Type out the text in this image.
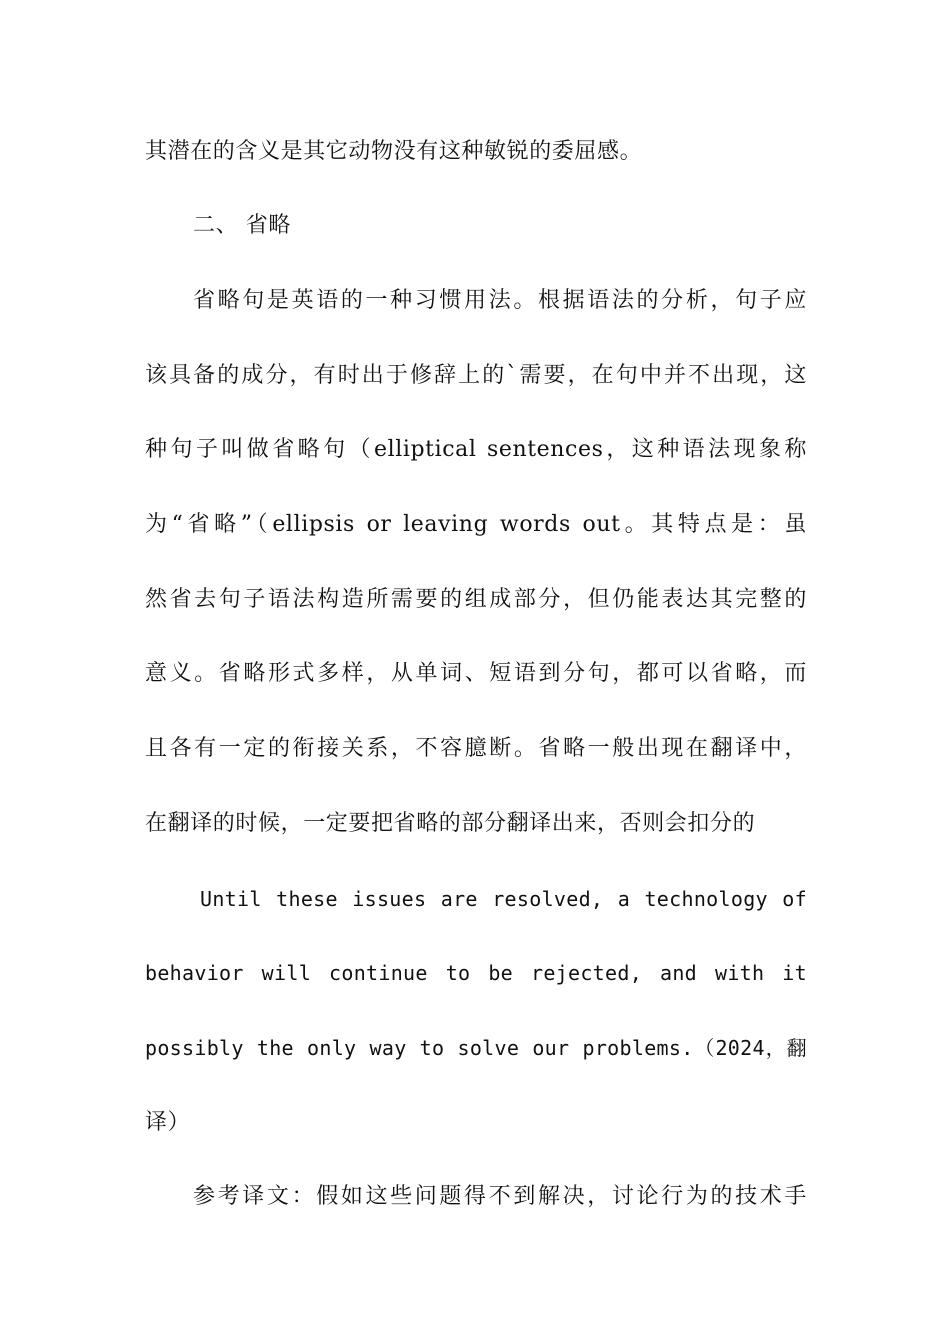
其潜在的含义是其它动物没有这种敏锐的委屈感。
二、 省略
省略句是英语的一种习惯用法。根据语法的分析，句子应
该具备的成分，有时出于修辞上的`需要，在句中并不出现，这
种句子叫做省略句（elliptical sentences，这种语法现象称
为“省略”（ellipsis or leaving words out。其特点是：虽
然省去句子语法构造所需要的组成部分，但仍能表达其完整的
意义。省略形式多样，从单词、短语到分句，都可以省略，而
且各有一定的衔接关系，不容臆断。省略一般出现在翻译中，
在翻译的时候，一定要把省略的部分翻译出来，否则会扣分的
Until these issues are resolved, a technology of
behavior will continue to be rejected, and with it
possibly the only way to solve our problems.（2024，翻
译）
参考译文：假如这些问题得不到解决，讨论行为的技术手
